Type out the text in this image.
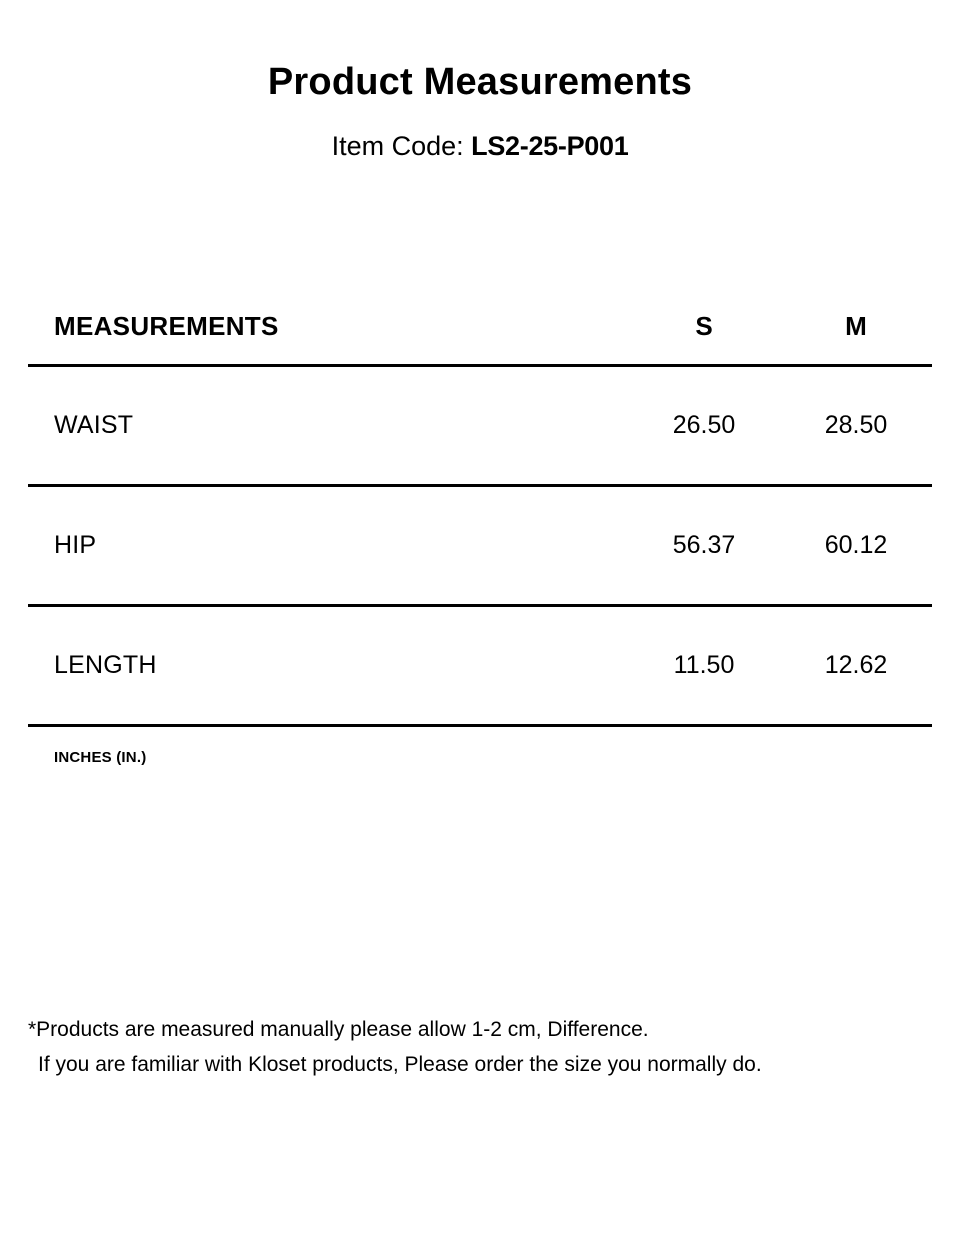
Product Measurements
Item Code: LS2-25-P001
MEASUREMENTS	S	M
WAIST	26.50	28.50
HIP	56.37	60.12
LENGTH	11.50	12.62
INCHES (IN.)
*Products are measured manually please allow 1-2 cm, Difference.
If you are familiar with Kloset products, Please order the size you normally do.
